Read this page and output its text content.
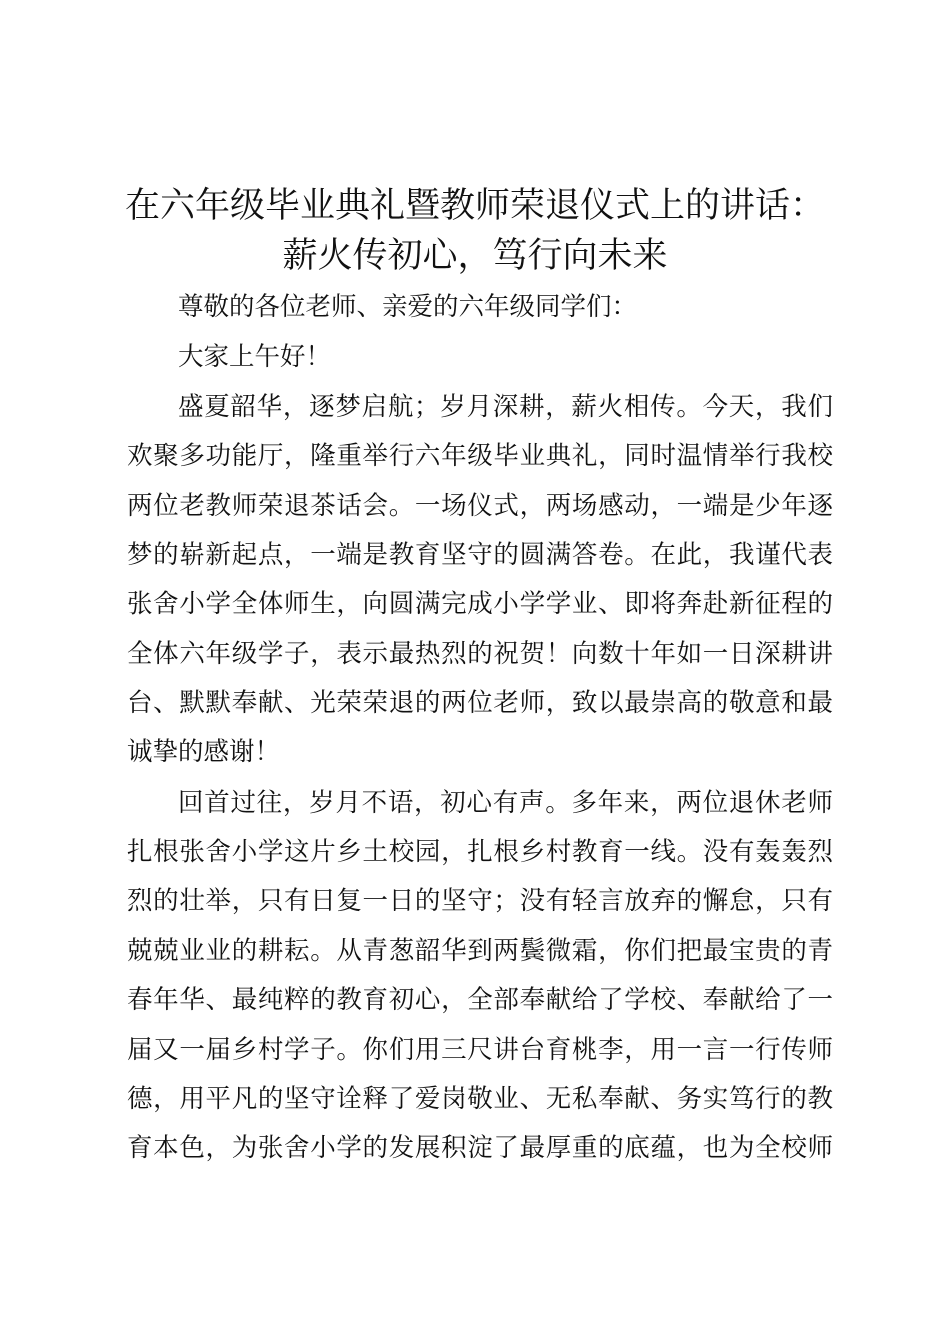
在六年级毕业典礼暨教师荣退仪式上的讲话：
薪火传初心，笃行向未来
尊敬的各位老师、亲爱的六年级同学们：
大家上午好！
盛夏韶华，逐梦启航；岁月深耕，薪火相传。今天，我们
欢聚多功能厅，隆重举行六年级毕业典礼，同时温情举行我校
两位老教师荣退茶话会。一场仪式，两场感动，一端是少年逐
梦的崭新起点，一端是教育坚守的圆满答卷。在此，我谨代表
张舍小学全体师生，向圆满完成小学学业、即将奔赴新征程的
全体六年级学子，表示最热烈的祝贺！向数十年如一日深耕讲
台、默默奉献、光荣荣退的两位老师，致以最崇高的敬意和最
诚挚的感谢！
回首过往，岁月不语，初心有声。多年来，两位退休老师
扎根张舍小学这片乡土校园，扎根乡村教育一线。没有轰轰烈
烈的壮举，只有日复一日的坚守；没有轻言放弃的懈怠，只有
兢兢业业的耕耘。从青葱韶华到两鬓微霜，你们把最宝贵的青
春年华、最纯粹的教育初心，全部奉献给了学校、奉献给了一
届又一届乡村学子。你们用三尺讲台育桃李，用一言一行传师
德，用平凡的坚守诠释了爱岗敬业、无私奉献、务实笃行的教
育本色，为张舍小学的发展积淀了最厚重的底蕴，也为全校师
